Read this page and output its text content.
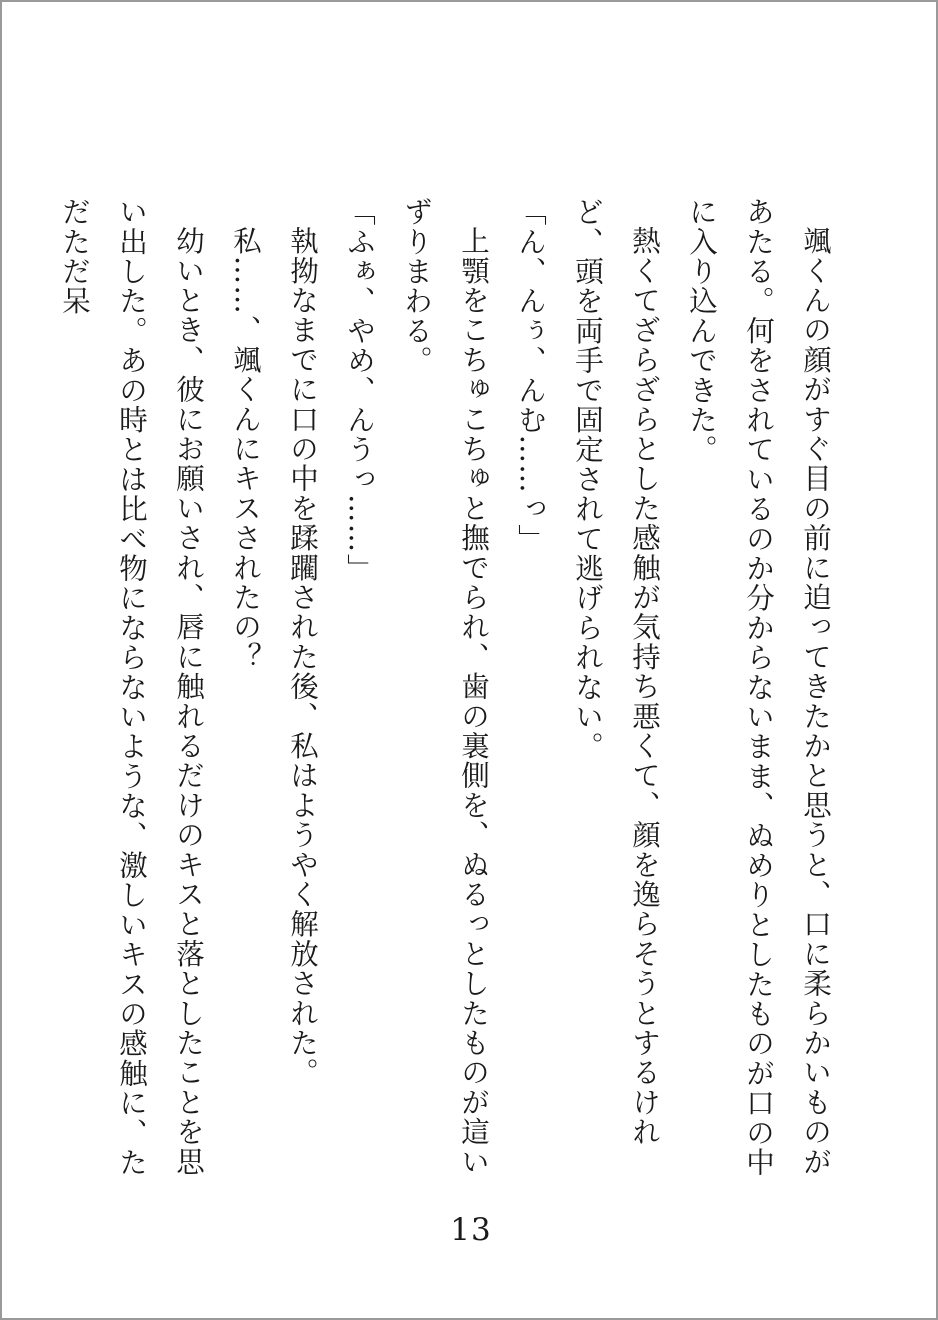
颯くんの顔がすぐ目の前に迫ってきたかと思うと、口に柔らかいものがあたる。何をされているのか分からないまま、ぬめりとしたものが口の中に入り込んできた。

熱くてざらざらとした感触が気持ち悪くて、顔を逸らそうとするけれど、頭を両手で固定されて逃げられない。

「ん、んぅ、んむ……っ」

上顎をこちゅこちゅと撫でられ、歯の裏側を、ぬるっとしたものが這いずりまわる。

「ふぁ、やめ、んうっ……」

執拗なまでに口の中を蹂躙された後、私はようやく解放された。

私……、颯くんにキスされたの？

幼いとき、彼にお願いされ、唇に触れるだけのキスと落としたことを思い出した。あの時とは比べ物にならないような、激しいキスの感触に、ただただ呆

13
